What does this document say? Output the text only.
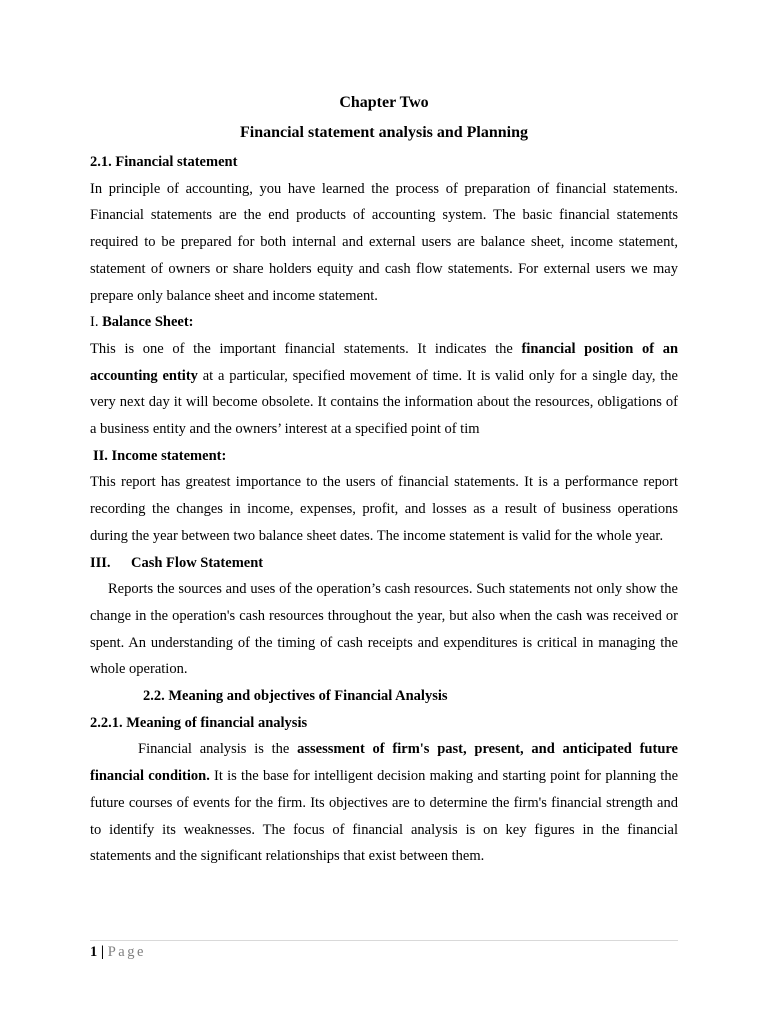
Chapter Two

Financial statement analysis and Planning

2.1. Financial statement

In principle of accounting, you have learned the process of preparation of financial statements. Financial statements are the end products of accounting system. The basic financial statements required to be prepared for both internal and external users are balance sheet, income statement, statement of owners or share holders equity and cash flow statements. For external users we may prepare only balance sheet and income statement.

I. Balance Sheet:

This is one of the important financial statements. It indicates the financial position of an accounting entity at a particular, specified movement of time. It is valid only for a single day, the very next day it will become obsolete. It contains the information about the resources, obligations of a business entity and the owners’ interest at a specified point of tim

II. Income statement:

This report has greatest importance to the users of financial statements. It is a performance report recording the changes in income, expenses, profit, and losses as a result of business operations during the year between two balance sheet dates. The income statement is valid for the whole year.

III.	Cash Flow Statement

Reports the sources and uses of the operation’s cash resources. Such statements not only show the change in the operation's cash resources throughout the year, but also when the cash was received or spent. An understanding of the timing of cash receipts and expenditures is critical in managing the whole operation.

2.2. Meaning and objectives of Financial Analysis

2.2.1. Meaning of financial analysis

Financial analysis is the assessment of firm's past, present, and anticipated future financial condition. It is the base for intelligent decision making and starting point for planning the future courses of events for the firm. Its objectives are to determine the firm's financial strength and to identify its weaknesses. The focus of financial analysis is on key figures in the financial statements and the significant relationships that exist between them.

1 | Page
